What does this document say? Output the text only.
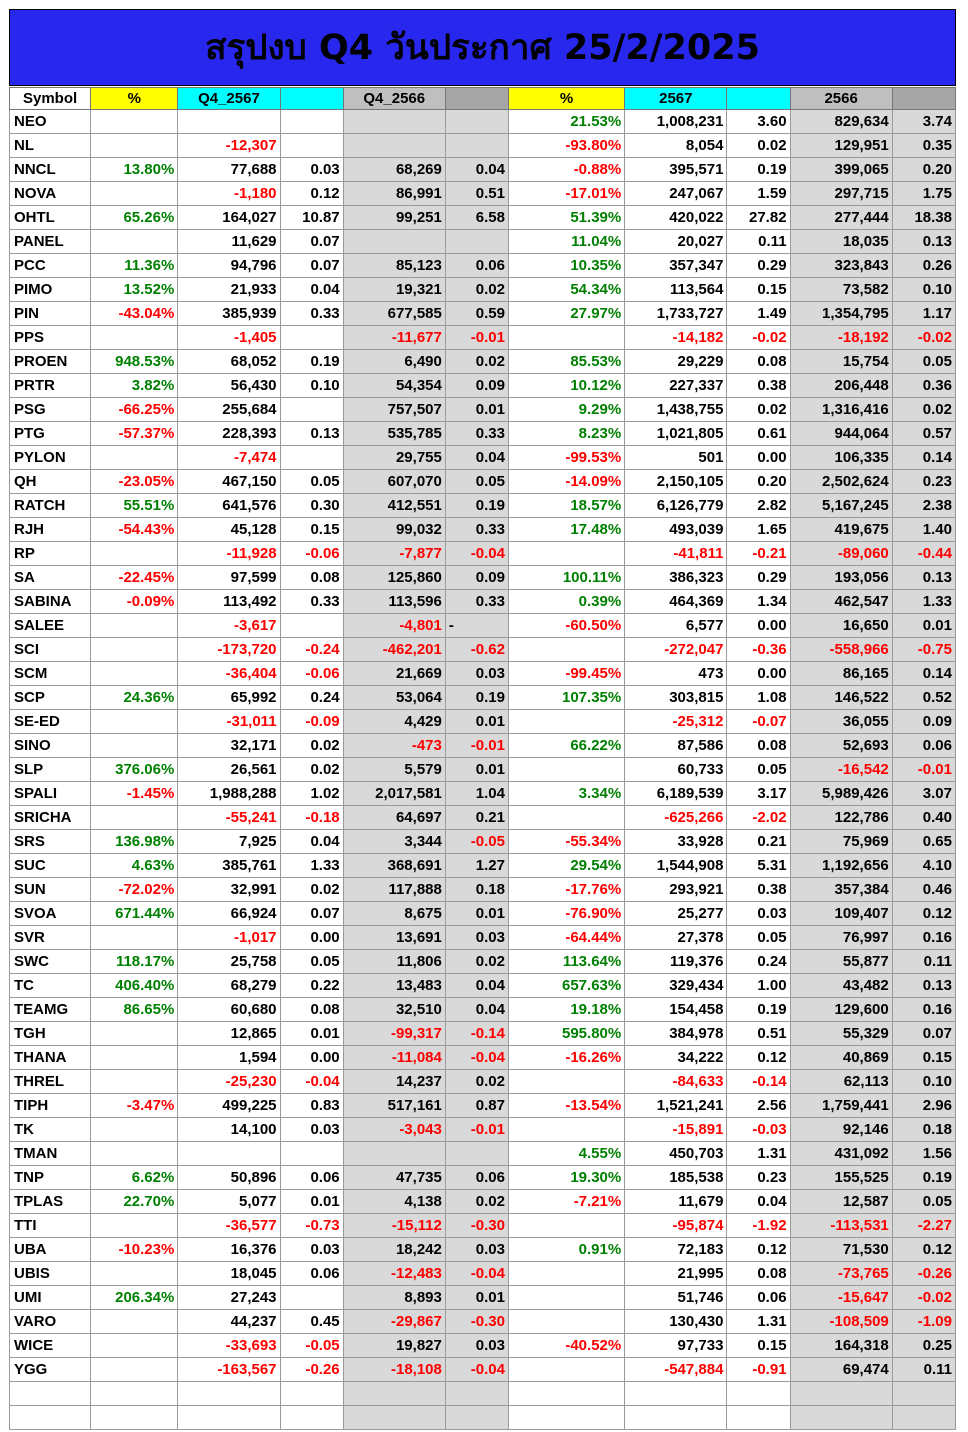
สรุปงบ Q4 วันประกาศ 25/2/2025
Symbol	%	Q4_2567		Q4_2566		%	2567		2566	
NEO						21.53%	1,008,231	3.60	829,634	3.74
NL		-12,307				-93.80%	8,054	0.02	129,951	0.35
NNCL	13.80%	77,688	0.03	68,269	0.04	-0.88%	395,571	0.19	399,065	0.20
NOVA		-1,180	0.12	86,991	0.51	-17.01%	247,067	1.59	297,715	1.75
OHTL	65.26%	164,027	10.87	99,251	6.58	51.39%	420,022	27.82	277,444	18.38
PANEL		11,629	0.07			11.04%	20,027	0.11	18,035	0.13
PCC	11.36%	94,796	0.07	85,123	0.06	10.35%	357,347	0.29	323,843	0.26
PIMO	13.52%	21,933	0.04	19,321	0.02	54.34%	113,564	0.15	73,582	0.10
PIN	-43.04%	385,939	0.33	677,585	0.59	27.97%	1,733,727	1.49	1,354,795	1.17
PPS		-1,405		-11,677	-0.01		-14,182	-0.02	-18,192	-0.02
PROEN	948.53%	68,052	0.19	6,490	0.02	85.53%	29,229	0.08	15,754	0.05
PRTR	3.82%	56,430	0.10	54,354	0.09	10.12%	227,337	0.38	206,448	0.36
PSG	-66.25%	255,684		757,507	0.01	9.29%	1,438,755	0.02	1,316,416	0.02
PTG	-57.37%	228,393	0.13	535,785	0.33	8.23%	1,021,805	0.61	944,064	0.57
PYLON		-7,474		29,755	0.04	-99.53%	501	0.00	106,335	0.14
QH	-23.05%	467,150	0.05	607,070	0.05	-14.09%	2,150,105	0.20	2,502,624	0.23
RATCH	55.51%	641,576	0.30	412,551	0.19	18.57%	6,126,779	2.82	5,167,245	2.38
RJH	-54.43%	45,128	0.15	99,032	0.33	17.48%	493,039	1.65	419,675	1.40
RP		-11,928	-0.06	-7,877	-0.04		-41,811	-0.21	-89,060	-0.44
SA	-22.45%	97,599	0.08	125,860	0.09	100.11%	386,323	0.29	193,056	0.13
SABINA	-0.09%	113,492	0.33	113,596	0.33	0.39%	464,369	1.34	462,547	1.33
SALEE		-3,617		-4,801	-	-60.50%	6,577	0.00	16,650	0.01
SCI		-173,720	-0.24	-462,201	-0.62		-272,047	-0.36	-558,966	-0.75
SCM		-36,404	-0.06	21,669	0.03	-99.45%	473	0.00	86,165	0.14
SCP	24.36%	65,992	0.24	53,064	0.19	107.35%	303,815	1.08	146,522	0.52
SE-ED		-31,011	-0.09	4,429	0.01		-25,312	-0.07	36,055	0.09
SINO		32,171	0.02	-473	-0.01	66.22%	87,586	0.08	52,693	0.06
SLP	376.06%	26,561	0.02	5,579	0.01		60,733	0.05	-16,542	-0.01
SPALI	-1.45%	1,988,288	1.02	2,017,581	1.04	3.34%	6,189,539	3.17	5,989,426	3.07
SRICHA		-55,241	-0.18	64,697	0.21		-625,266	-2.02	122,786	0.40
SRS	136.98%	7,925	0.04	3,344	-0.05	-55.34%	33,928	0.21	75,969	0.65
SUC	4.63%	385,761	1.33	368,691	1.27	29.54%	1,544,908	5.31	1,192,656	4.10
SUN	-72.02%	32,991	0.02	117,888	0.18	-17.76%	293,921	0.38	357,384	0.46
SVOA	671.44%	66,924	0.07	8,675	0.01	-76.90%	25,277	0.03	109,407	0.12
SVR		-1,017	0.00	13,691	0.03	-64.44%	27,378	0.05	76,997	0.16
SWC	118.17%	25,758	0.05	11,806	0.02	113.64%	119,376	0.24	55,877	0.11
TC	406.40%	68,279	0.22	13,483	0.04	657.63%	329,434	1.00	43,482	0.13
TEAMG	86.65%	60,680	0.08	32,510	0.04	19.18%	154,458	0.19	129,600	0.16
TGH		12,865	0.01	-99,317	-0.14	595.80%	384,978	0.51	55,329	0.07
THANA		1,594	0.00	-11,084	-0.04	-16.26%	34,222	0.12	40,869	0.15
THREL		-25,230	-0.04	14,237	0.02		-84,633	-0.14	62,113	0.10
TIPH	-3.47%	499,225	0.83	517,161	0.87	-13.54%	1,521,241	2.56	1,759,441	2.96
TK		14,100	0.03	-3,043	-0.01		-15,891	-0.03	92,146	0.18
TMAN						4.55%	450,703	1.31	431,092	1.56
TNP	6.62%	50,896	0.06	47,735	0.06	19.30%	185,538	0.23	155,525	0.19
TPLAS	22.70%	5,077	0.01	4,138	0.02	-7.21%	11,679	0.04	12,587	0.05
TTI		-36,577	-0.73	-15,112	-0.30		-95,874	-1.92	-113,531	-2.27
UBA	-10.23%	16,376	0.03	18,242	0.03	0.91%	72,183	0.12	71,530	0.12
UBIS		18,045	0.06	-12,483	-0.04		21,995	0.08	-73,765	-0.26
UMI	206.34%	27,243		8,893	0.01		51,746	0.06	-15,647	-0.02
VARO		44,237	0.45	-29,867	-0.30		130,430	1.31	-108,509	-1.09
WICE		-33,693	-0.05	19,827	0.03	-40.52%	97,733	0.15	164,318	0.25
YGG		-163,567	-0.26	-18,108	-0.04		-547,884	-0.91	69,474	0.11
